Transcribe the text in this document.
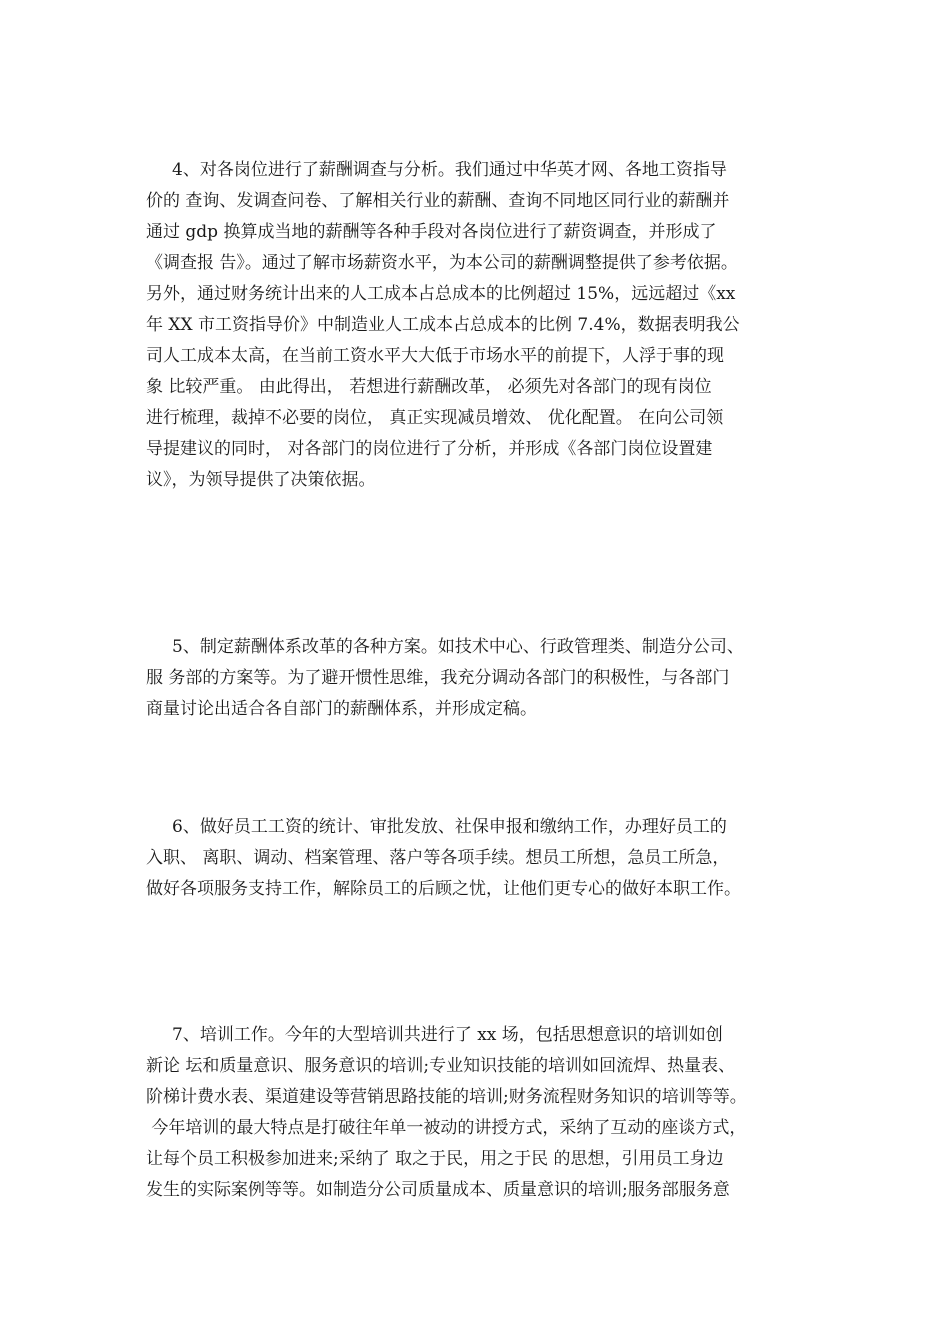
4、对各岗位进行了薪酬调查与分析。我们通过中华英才网、各地工资指导
价的 查询、发调查问卷、了解相关行业的薪酬、查询不同地区同行业的薪酬并
通过 gdp 换算成当地的薪酬等各种手段对各岗位进行了薪资调查，并形成了
《调查报 告》。通过了解市场薪资水平，为本公司的薪酬调整提供了参考依据。
另外，通过财务统计出来的人工成本占总成本的比例超过 15%，远远超过《xx
年 XX 市工资指导价》中制造业人工成本占总成本的比例 7.4%，数据表明我公
司人工成本太高，在当前工资水平大大低于市场水平的前提下，人浮于事的现
象 比较严重。 由此得出， 若想进行薪酬改革， 必须先对各部门的现有岗位
进行梳理，裁掉不必要的岗位， 真正实现减员增效、 优化配置。 在向公司领
导提建议的同时， 对各部门的岗位进行了分析，并形成《各部门岗位设置建
议》，为领导提供了决策依据。
5、制定薪酬体系改革的各种方案。如技术中心、行政管理类、制造分公司、
服 务部的方案等。为了避开惯性思维，我充分调动各部门的积极性，与各部门
商量讨论出适合各自部门的薪酬体系，并形成定稿。
6、做好员工工资的统计、审批发放、社保申报和缴纳工作，办理好员工的
入职、 离职、调动、档案管理、落户等各项手续。想员工所想，急员工所急，
做好各项服务支持工作，解除员工的后顾之忧，让他们更专心的做好本职工作。
7、培训工作。今年的大型培训共进行了 xx 场，包括思想意识的培训如创
新论 坛和质量意识、服务意识的培训;专业知识技能的培训如回流焊、热量表、
阶梯计费水表、渠道建设等营销思路技能的培训;财务流程财务知识的培训等等。
今年培训的最大特点是打破往年单一被动的讲授方式，采纳了互动的座谈方式，
让每个员工积极参加进来;采纳了 取之于民，用之于民 的思想，引用员工身边
发生的实际案例等等。如制造分公司质量成本、质量意识的培训;服务部服务意
